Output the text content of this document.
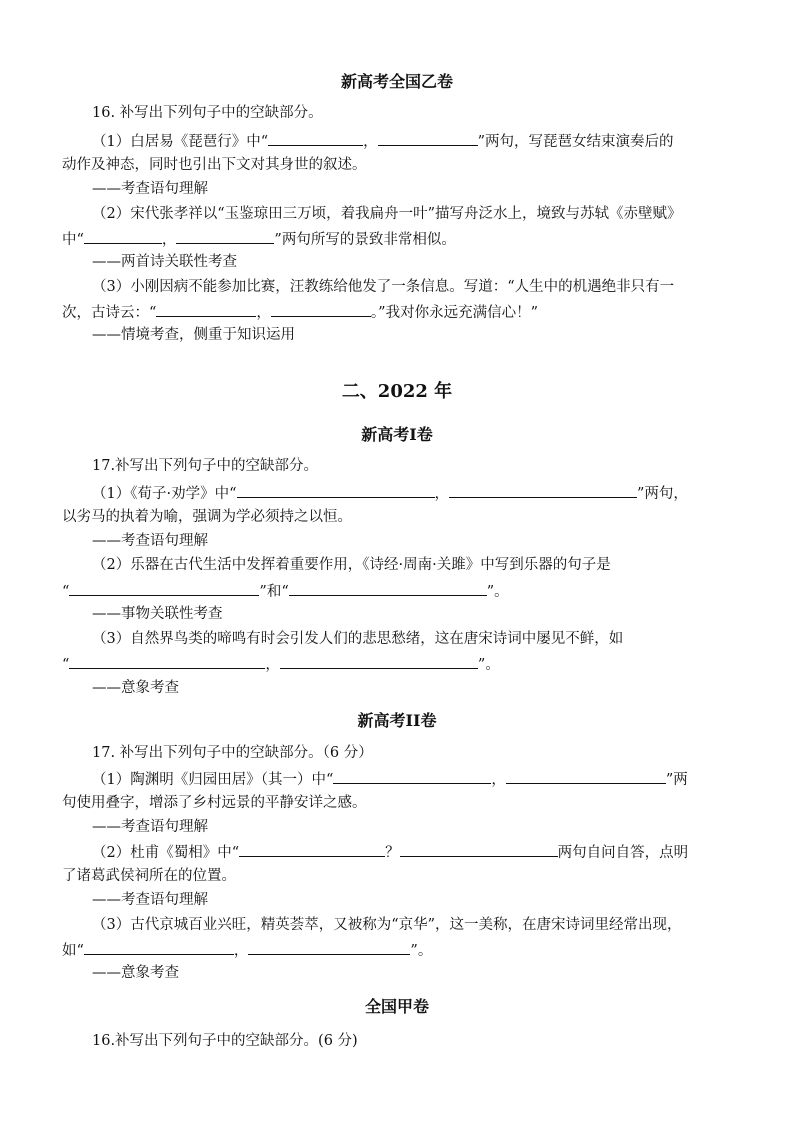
新高考全国乙卷
16. 补写出下列句子中的空缺部分。
（1）白居易《琵琶行》中“	，	”两句，写琵琶女结束演奏后的
动作及神态，同时也引出下文对其身世的叙述。
——考查语句理解
（2）宋代张孝祥以“玉鉴琼田三万顷，着我扁舟一叶”描写舟泛水上，境致与苏轼《赤壁赋》
中“	，	”两句所写的景致非常相似。
——两首诗关联性考查
（3）小刚因病不能参加比赛，汪教练给他发了一条信息。写道：“人生中的机遇绝非只有一
次，古诗云：“	，	。”我对你永远充满信心！”
——情境考查，侧重于知识运用
二、2022 年
新高考Ⅰ卷
17.补写出下列句子中的空缺部分。
（1）《荀子·劝学》中“	，	”两句，
以劣马的执着为喻，强调为学必须持之以恒。
——考查语句理解
（2）乐器在古代生活中发挥着重要作用，《诗经·周南·关雎》中写到乐器的句子是
“	”和“	”。
——事物关联性考查
（3）自然界鸟类的啼鸣有时会引发人们的悲思愁绪，这在唐宋诗词中屡见不鲜，如
“	，	”。
——意象考查
新高考II卷
17. 补写出下列句子中的空缺部分。（6 分）
（1）陶渊明《归园田居》（其一）中“	，	”两
句使用叠字，增添了乡村远景的平静安详之感。
——考查语句理解
（2）杜甫《蜀相》中“	？	两句自问自答，点明
了诸葛武侯祠所在的位置。
——考查语句理解
（3）古代京城百业兴旺，精英荟萃，又被称为“京华”，这一美称，在唐宋诗词里经常出现，
如“	，	”。
——意象考查
全国甲卷
16.补写出下列句子中的空缺部分。(6 分)
